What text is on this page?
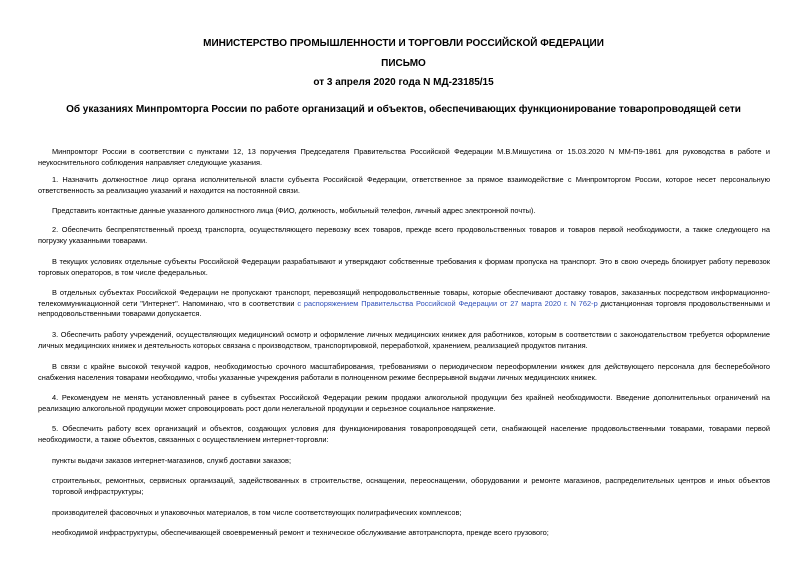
МИНИСТЕРСТВО ПРОМЫШЛЕННОСТИ И ТОРГОВЛИ РОССИЙСКОЙ ФЕДЕРАЦИИ
ПИСЬМО
от 3 апреля 2020 года N МД-23185/15
Об указаниях Минпромторга России по работе организаций и объектов, обеспечивающих функционирование товаропроводящей сети

Минпромторг России в соответствии с пунктами 12, 13 поручения Председателя Правительства Российской Федерации М.В.Мишустина от 15.03.2020 N ММ-П9-1861 для руководства в работе и неукоснительного соблюдения направляет следующие указания.

1. Назначить должностное лицо органа исполнительной власти субъекта Российской Федерации, ответственное за прямое взаимодействие с Минпромторгом России, которое несет персональную ответственность за реализацию указаний и находится на постоянной связи.

Представить контактные данные указанного должностного лица (ФИО, должность, мобильный телефон, личный адрес электронной почты).

2. Обеспечить беспрепятственный проезд транспорта, осуществляющего перевозку всех товаров, прежде всего продовольственных товаров и товаров первой необходимости, а также следующего на погрузку указанными товарами.

В текущих условиях отдельные субъекты Российской Федерации разрабатывают и утверждают собственные требования к формам пропуска на транспорт. Это в свою очередь блокирует работу перевозок торговых операторов, в том числе федеральных.

В отдельных субъектах Российской Федерации не пропускают транспорт, перевозящий непродовольственные товары, которые обеспечивают доставку товаров, заказанных посредством информационно-телекоммуникационной сети "Интернет". Напоминаю, что в соответствии с распоряжением Правительства Российской Федерации от 27 марта 2020 г. N 762-р дистанционная торговля продовольственными и непродовольственными товарами допускается.

3. Обеспечить работу учреждений, осуществляющих медицинский осмотр и оформление личных медицинских книжек для работников, которым в соответствии с законодательством требуется оформление личных медицинских книжек и деятельность которых связана с производством, транспортировкой, переработкой, хранением, реализацией продуктов питания.

В связи с крайне высокой текучкой кадров, необходимостью срочного масштабирования, требованиями о периодическом переоформлении книжек для действующего персонала для бесперебойного снабжения населения товарами необходимо, чтобы указанные учреждения работали в полноценном режиме беспрерывной выдачи личных медицинских книжек.

4. Рекомендуем не менять установленный ранее в субъектах Российской Федерации режим продажи алкогольной продукции без крайней необходимости. Введение дополнительных ограничений на реализацию алкогольной продукции может спровоцировать рост доли нелегальной продукции и серьезное социальное напряжение.

5. Обеспечить работу всех организаций и объектов, создающих условия для функционирования товаропроводящей сети, снабжающей население продовольственными товарами, товарами первой необходимости, а также объектов, связанных с осуществлением интернет-торговли:

пункты выдачи заказов интернет-магазинов, служб доставки заказов;

строительных, ремонтных, сервисных организаций, задействованных в строительстве, оснащении, переоснащении, оборудовании и ремонте магазинов, распределительных центров и иных объектов торговой инфраструктуры;

производителей фасовочных и упаковочных материалов, в том числе соответствующих полиграфических комплексов;

необходимой инфраструктуры, обеспечивающей своевременный ремонт и техническое обслуживание автотранспорта, прежде всего грузового;
